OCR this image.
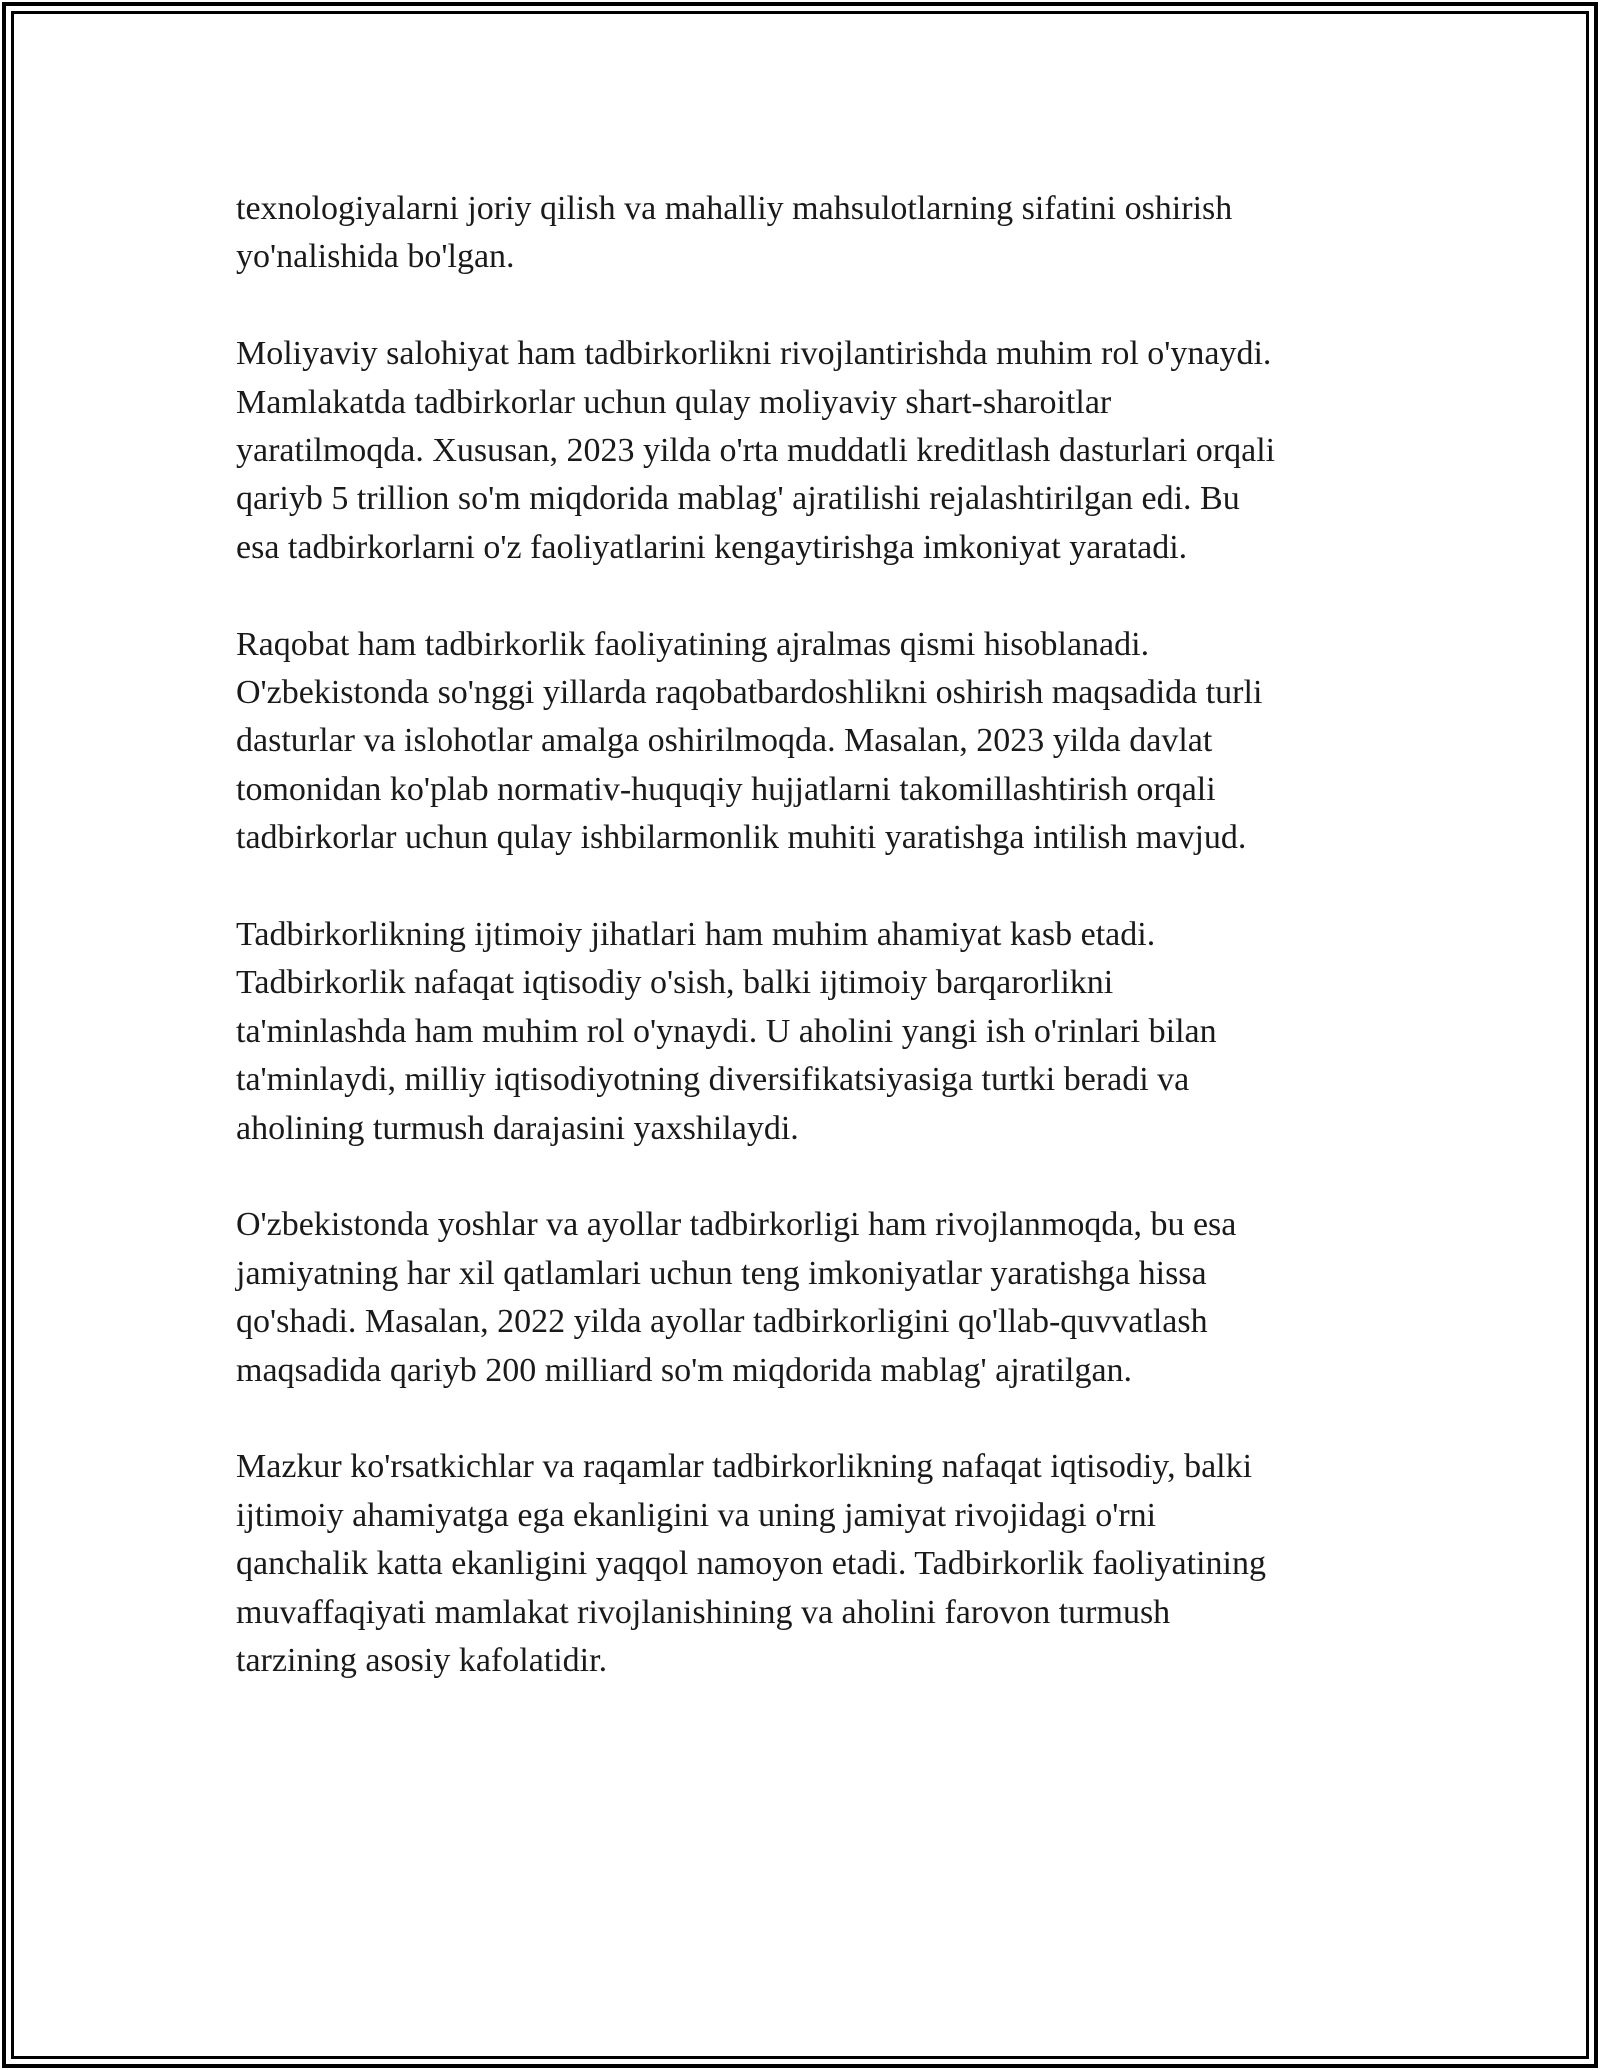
texnologiyalarni joriy qilish va mahalliy mahsulotlarning sifatini oshirish
yo'nalishida bo'lgan.

Moliyaviy salohiyat ham tadbirkorlikni rivojlantirishda muhim rol o'ynaydi.
Mamlakatda tadbirkorlar uchun qulay moliyaviy shart-sharoitlar
yaratilmoqda. Xususan, 2023 yilda o'rta muddatli kreditlash dasturlari orqali
qariyb 5 trillion so'm miqdorida mablag' ajratilishi rejalashtirilgan edi. Bu
esa tadbirkorlarni o'z faoliyatlarini kengaytirishga imkoniyat yaratadi.

Raqobat ham tadbirkorlik faoliyatining ajralmas qismi hisoblanadi.
O'zbekistonda so'nggi yillarda raqobatbardoshlikni oshirish maqsadida turli
dasturlar va islohotlar amalga oshirilmoqda. Masalan, 2023 yilda davlat
tomonidan ko'plab normativ-huquqiy hujjatlarni takomillashtirish orqali
tadbirkorlar uchun qulay ishbilarmonlik muhiti yaratishga intilish mavjud.

Tadbirkorlikning ijtimoiy jihatlari ham muhim ahamiyat kasb etadi.
Tadbirkorlik nafaqat iqtisodiy o'sish, balki ijtimoiy barqarorlikni
ta'minlashda ham muhim rol o'ynaydi. U aholini yangi ish o'rinlari bilan
ta'minlaydi, milliy iqtisodiyotning diversifikatsiyasiga turtki beradi va
aholining turmush darajasini yaxshilaydi.

O'zbekistonda yoshlar va ayollar tadbirkorligi ham rivojlanmoqda, bu esa
jamiyatning har xil qatlamlari uchun teng imkoniyatlar yaratishga hissa
qo'shadi. Masalan, 2022 yilda ayollar tadbirkorligini qo'llab-quvvatlash
maqsadida qariyb 200 milliard so'm miqdorida mablag' ajratilgan.

Mazkur ko'rsatkichlar va raqamlar tadbirkorlikning nafaqat iqtisodiy, balki
ijtimoiy ahamiyatga ega ekanligini va uning jamiyat rivojidagi o'rni
qanchalik katta ekanligini yaqqol namoyon etadi. Tadbirkorlik faoliyatining
muvaffaqiyati mamlakat rivojlanishining va aholini farovon turmush
tarzining asosiy kafolatidir.
